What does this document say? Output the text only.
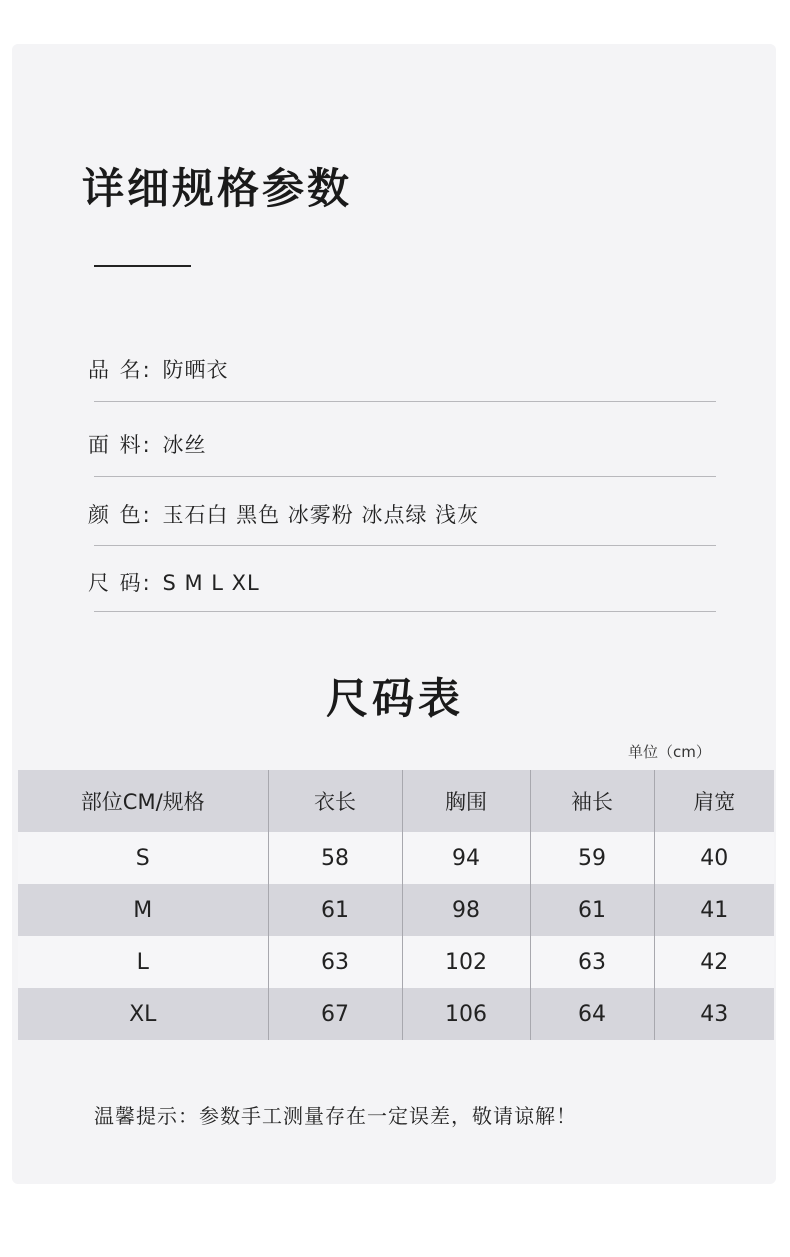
详细规格参数
品 名: 防晒衣
面 料: 冰丝
颜 色: 玉石白 黑色 冰雾粉 冰点绿 浅灰
尺 码: S M L XL
尺码表
单位（cm）
部位CM/规格	衣长	胸围	袖长	肩宽
S	58	94	59	40
M	61	98	61	41
L	63	102	63	42
XL	67	106	64	43
温馨提示：参数手工测量存在一定误差，敬请谅解！
